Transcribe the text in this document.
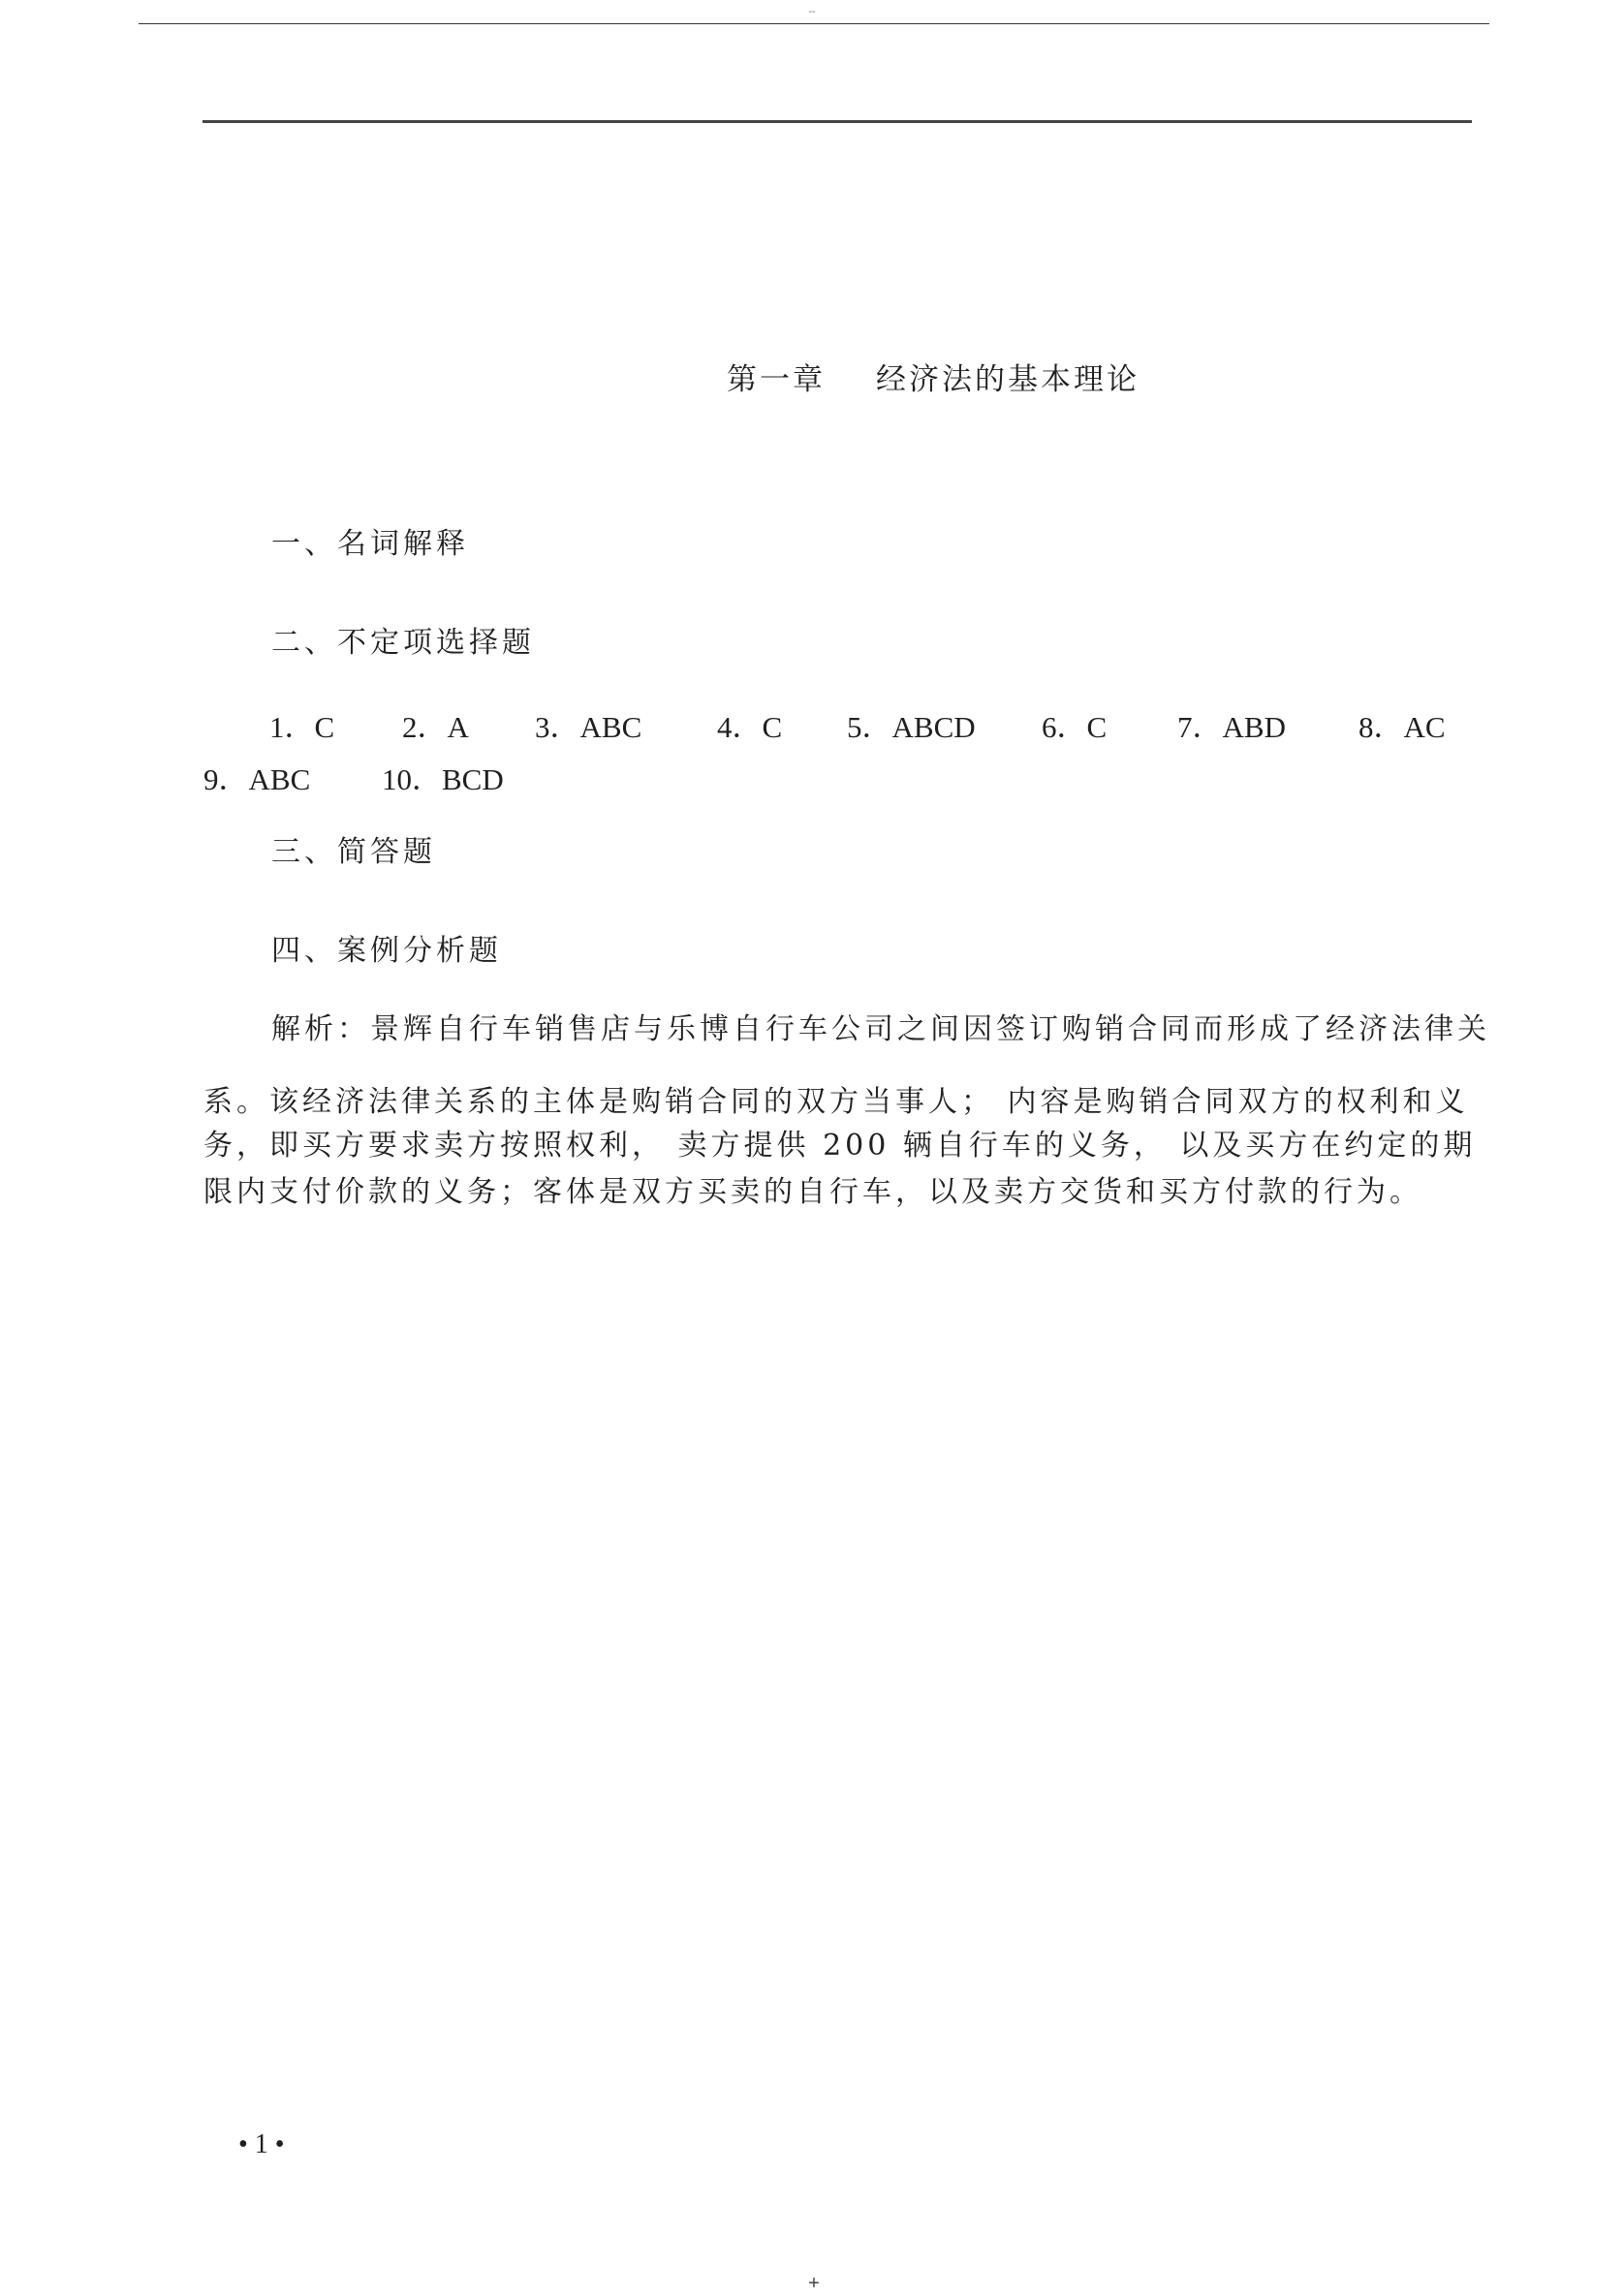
--
第一章 经济法的基本理论
一、名词解释
二、不定项选择题
1．C 2．A 3．ABC	4．C 5．ABCD 6．C 7．ABD 8．AC
9．ABC 10．BCD
三、简答题
四、案例分析题
解析：景辉自行车销售店与乐博自行车公司之间因签订购销合同而形成了经济法律关
系。该经济法律关系的主体是购销合同的双方当事人； 内容是购销合同双方的权利和义
务，即买方要求卖方按照权利， 卖方提供 200 辆自行车的义务， 以及买方在约定的期
限内支付价款的义务；客体是双方买卖的自行车，以及卖方交货和买方付款的行为。
• 1 •
+
